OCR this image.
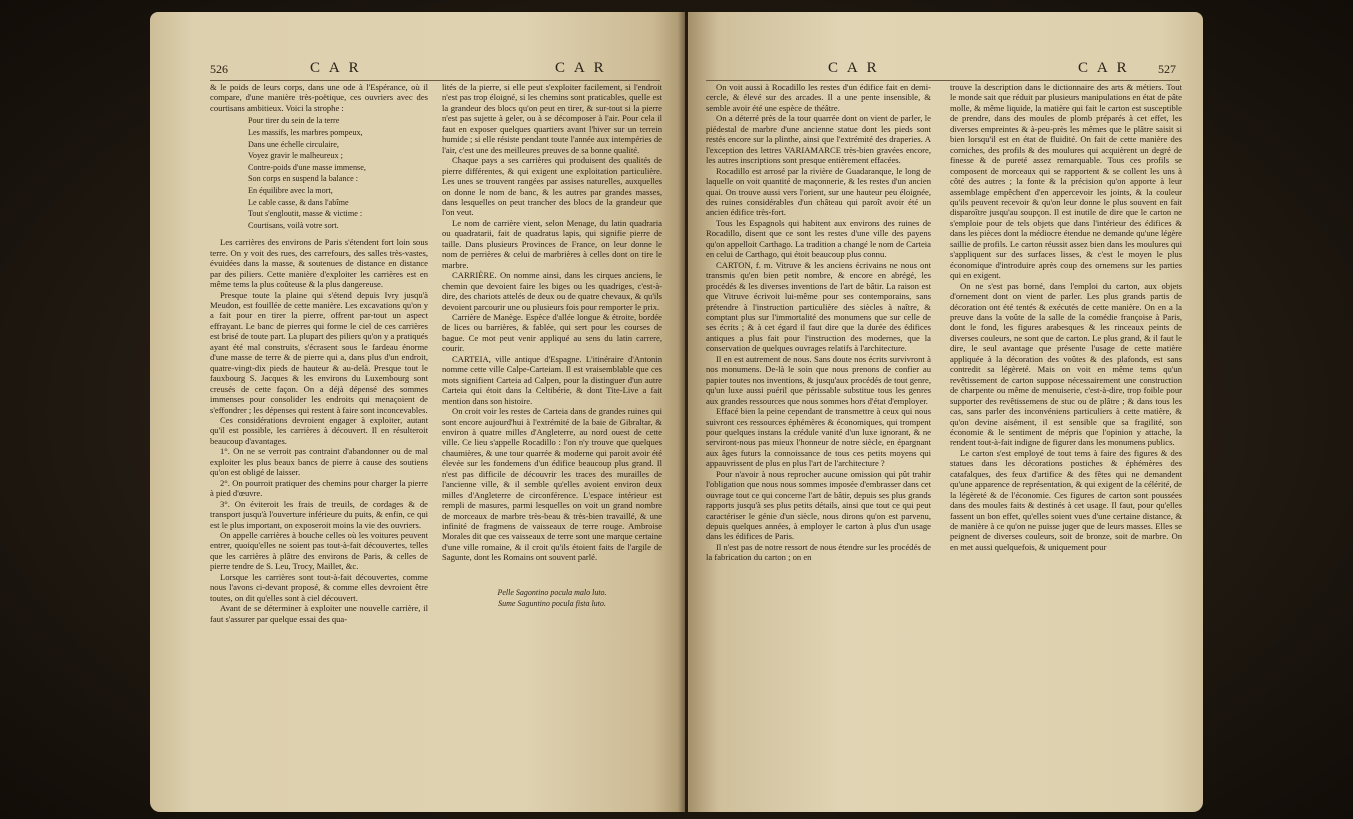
526	C A R	C A R

& le poids de leurs corps, dans une ode à l'Espérance, où il compare, d'une manière très-poëtique, ces ouvriers avec des courtisans ambitieux. Voici la strophe :

Pour tirer du sein de la terre
Les massifs, les marbres pompeux,
Dans une échelle circulaire,
Voyez gravir le malheureux ;
Contre-poids d'une masse immense,
Son corps en suspend la balance :
En équilibre avec la mort,
Le cable casse, & dans l'abîme
Tout s'engloutit, masse & victime :
Courtisans, voilà votre sort.

Les carrières des environs de Paris s'étendent fort loin sous terre. On y voit des rues, des carrefours, des salles très-vastes, évuidées dans la masse, & soutenues de distance en distance par des piliers. Cette manière d'exploiter les carrières est en même tems la plus coûteuse & la plus dangereuse.

Presque toute la plaine qui s'étend depuis Ivry jusqu'à Meudon, est fouillée de cette manière. Les excavations qu'on y a fait pour en tirer la pierre, offrent par-tout un aspect effrayant. Le banc de pierres qui forme le ciel de ces carrières est brisé de toute part. La plupart des piliers qu'on y a pratiqués ayant été mal construits, s'écrasent sous le fardeau énorme d'une masse de terre & de pierre qui a, dans plus d'un endroit, quatre-vingt-dix pieds de hauteur & au-delà. Presque tout le fauxbourg S. Jacques & les environs du Luxembourg sont creusés de cette façon. On a déjà dépensé des sommes immenses pour consolider les endroits qui menaçoient de s'effondrer ; les dépenses qui restent à faire sont inconcevables.

Ces considérations devroient engager à exploiter, autant qu'il est possible, les carrières à découvert. Il en résulteroit beaucoup d'avantages.

1°. On ne se verroit pas contraint d'abandonner ou de mal exploiter les plus beaux bancs de pierre à cause des soutiens qu'on est obligé de laisser.

2°. On pourroit pratiquer des chemins pour charger la pierre à pied d'œuvre.

3°. On éviteroit les frais de treuils, de cordages & de transport jusqu'à l'ouverture inférieure du puits, & enfin, ce qui est le plus important, on exposeroit moins la vie des ouvriers.

On appelle carrières à bouche celles où les voitures peuvent entrer, quoiqu'elles ne soient pas tout-à-fait découvertes, telles que les carrières à plâtre des environs de Paris, & celles de pierre tendre de S. Leu, Trocy, Maillet, &c.

Lorsque les carrières sont tout-à-fait découvertes, comme nous l'avons ci-devant proposé, & comme elles devroient être toutes, on dit qu'elles sont à ciel découvert.

Avant de se déterminer à exploiter une nouvelle carrière, il faut s'assurer par quelque essai des qua-

lités de la pierre, si elle peut s'exploiter facilement, si l'endroit n'est pas trop éloigné, si les chemins sont praticables, quelle est la grandeur des blocs qu'on peut en tirer, & sur-tout si la pierre n'est pas sujette à geler, ou à se décomposer à l'air. Pour cela il faut en exposer quelques quartiers avant l'hiver sur un terrein humide ; si elle résiste pendant toute l'année aux intempéries de l'air, c'est une des meilleures preuves de sa bonne qualité.

Chaque pays a ses carrières qui produisent des qualités de pierre différentes, & qui exigent une exploitation particulière. Les unes se trouvent rangées par assises naturelles, auxquelles on donne le nom de banc, & les autres par grandes masses, dans lesquelles on peut trancher des blocs de la grandeur que l'on veut.

Le nom de carrière vient, selon Menage, du latin quadraria ou quadratarii, fait de quadratus lapis, qui signifie pierre de taille. Dans plusieurs Provinces de France, on leur donne le nom de perrières & celui de marbrières à celles dont on tire le marbre.

CARRIÈRE. On nomme ainsi, dans les cirques anciens, le chemin que devoient faire les biges ou les quadriges, c'est-à-dire, des chariots attelés de deux ou de quatre chevaux, & qu'ils devoient parcourir une ou plusieurs fois pour remporter le prix.

Carrière de Manège. Espèce d'allée longue & étroite, bordée de lices ou barrières, & fablée, qui sert pour les courses de bague. Ce mot peut venir appliqué au sens du latin carrere, courir.

CARTEIA, ville antique d'Espagne. L'itinéraire d'Antonin nomme cette ville Calpe-Carteiam. Il est vraisemblable que ces mots signifient Carteia ad Calpen, pour la distinguer d'un autre Carteia qui étoit dans la Celtibérie, & dont Tite-Live a fait mention dans son histoire.

On croit voir les restes de Carteia dans de grandes ruines qui sont encore aujourd'hui à l'extrémité de la baie de Gibraltar, & environ à quatre milles d'Angleterre, au nord ouest de cette ville. Ce lieu s'appelle Rocadillo : l'on n'y trouve que quelques chaumières, & une tour quarrée & moderne qui paroit avoir été élevée sur les fondemens d'un édifice beaucoup plus grand. Il n'est pas difficile de découvrir les traces des murailles de l'ancienne ville, & il semble qu'elles avoient environ deux milles d'Angleterre de circonférence. L'espace intérieur est rempli de masures, parmi lesquelles on voit un grand nombre de morceaux de marbre très-beau & très-bien travaillé, & une infinité de fragmens de vaisseaux de terre rouge. Ambroise Morales dit que ces vaisseaux de terre sont une marque certaine d'une ville romaine, & il croit qu'ils étoient faits de l'argile de Sagunte, dont les Romains ont souvent parlé.

Pelle Sagontino pocula malo luto.
Sume Saguntino pocula fista luto.
C A R	C A R 527

On voit aussi à Rocadillo les restes d'un édifice fait en demi-cercle, & élevé sur des arcades. Il a une pente insensible, & semble avoir été une espèce de théâtre.

On a déterré près de la tour quarrée dont on vient de parler, le piédestal de marbre d'une ancienne statue dont les pieds sont restés encore sur la plinthe, ainsi que l'extrémité des draperies. A l'exception des lettres VARIAMARCE très-bien gravées encore, les autres inscriptions sont presque entièrement effacées.

Rocadillo est arrosé par la rivière de Guadaranque, le long de laquelle on voit quantité de maçonnerie, & les restes d'un ancien quai. On trouve aussi vers l'orient, sur une hauteur peu éloignée, des ruines considérables d'un château qui paroît avoir été un ancien édifice très-fort.

Tous les Espagnols qui habitent aux environs des ruines de Rocadillo, disent que ce sont les restes d'une ville des payens qu'on appelloit Carthago. La tradition a changé le nom de Carteia en celui de Carthago, qui étoit beaucoup plus connu.

CARTON, f. m. Vitruve & les anciens écrivains ne nous ont transmis qu'en bien petit nombre, & encore en abrégé, les procédés & les diverses inventions de l'art de bâtir. La raison est que Vitruve écrivoit lui-même pour ses contemporains, sans prétendre à l'instruction particulière des siècles à naître, & comptant plus sur l'immortalité des monumens que sur celle de ses écrits ; & à cet égard il faut dire que la durée des édifices antiques a plus fait pour l'instruction des modernes, que la conservation de quelques ouvrages relatifs à l'architecture.

Il en est autrement de nous. Sans doute nos écrits survivront à nos monumens. De-là le soin que nous prenons de confier au papier toutes nos inventions, & jusqu'aux procédés de tout genre, qu'un luxe aussi puéril que périssable substitue tous les genres aux grandes ressources que nous sommes hors d'état d'employer.

Effacé bien la peine cependant de transmettre à ceux qui nous suivront ces ressources éphémères & économiques, qui trompent pour quelques instans la crédule vanité d'un luxe ignorant, & ne serviront-nous pas mieux l'honneur de notre siècle, en épargnant aux âges futurs la connoissance de tous ces petits moyens qui appauvrissent de plus en plus l'art de l'architecture ?

Pour n'avoir à nous reprocher aucune omission qui pût trahir l'obligation que nous nous sommes imposée d'embrasser dans cet ouvrage tout ce qui concerne l'art de bâtir, depuis ses plus grands rapports jusqu'à ses plus petits détails, ainsi que tout ce qui peut caractériser le génie d'un siècle, nous dirons qu'on est parvenu, depuis quelques années, à employer le carton à plus d'un usage dans les édifices de Paris.

Il n'est pas de notre ressort de nous étendre sur les procédés de la fabrication du carton ; on en

trouve la description dans le dictionnaire des arts & métiers. Tout le monde sait que réduit par plusieurs manipulations en état de pâte molle, & même liquide, la matière qui fait le carton est susceptible de prendre, dans des moules de plomb préparés à cet effet, les diverses empreintes & à-peu-près les mêmes que le plâtre saisit si bien lorsqu'il est en état de fluidité. On fait de cette manière des corniches, des profils & des moulures qui acquièrent un degré de finesse & de pureté assez remarquable. Tous ces profils se composent de morceaux qui se rapportent & se collent les uns à côté des autres ; la fonte & la précision qu'on apporte à leur assemblage empêchent d'en appercevoir les joints, & la couleur qu'ils peuvent recevoir & qu'on leur donne le plus souvent en fait disparoître jusqu'au soupçon. Il est inutile de dire que le carton ne s'emploie pour de tels objets que dans l'intérieur des édifices & dans les pièces dont la médiocre étendue ne demande qu'une légère saillie de profils. Le carton réussit assez bien dans les moulures qui s'appliquent sur des surfaces lisses, & c'est le moyen le plus économique d'introduire après coup des ornemens sur les parties qui en exigent.

On ne s'est pas borné, dans l'emploi du carton, aux objets d'ornement dont on vient de parler. Les plus grands partis de décoration ont été tentés & exécutés de cette manière. On en a la preuve dans la voûte de la salle de la comédie françoise à Paris, dont le fond, les figures arabesques & les rinceaux peints de diverses couleurs, ne sont que de carton. Le plus grand, & il faut le dire, le seul avantage que présente l'usage de cette matière appliquée à la décoration des voûtes & des plafonds, est sans contredit sa légèreté. Mais on voit en même tems qu'un revêtissement de carton suppose nécessairement une construction de charpente ou même de menuiserie, c'est-à-dire, trop foible pour supporter des revêtissemens de stuc ou de plâtre ; & dans tous les cas, sans parler des inconvéniens particuliers à cette matière, & qu'on devine aisément, il est sensible que sa fragilité, son économie & le sentiment de mépris que l'opinion y attache, la rendent tout-à-fait indigne de figurer dans les monumens publics.

Le carton s'est employé de tout tems à faire des figures & des statues dans les décorations postiches & éphémères des catafalques, des feux d'artifice & des fêtes qui ne demandent qu'une apparence de représentation, & qui exigent de la célérité, de la légèreté & de l'économie. Ces figures de carton sont poussées dans des moules faits & destinés à cet usage. Il faut, pour qu'elles fassent un bon effet, qu'elles soient vues d'une certaine distance, & de manière à ce qu'on ne puisse juger que de leurs masses. Elles se peignent de diverses couleurs, soit de bronze, soit de marbre. On en met aussi quelquefois, & uniquement pour
